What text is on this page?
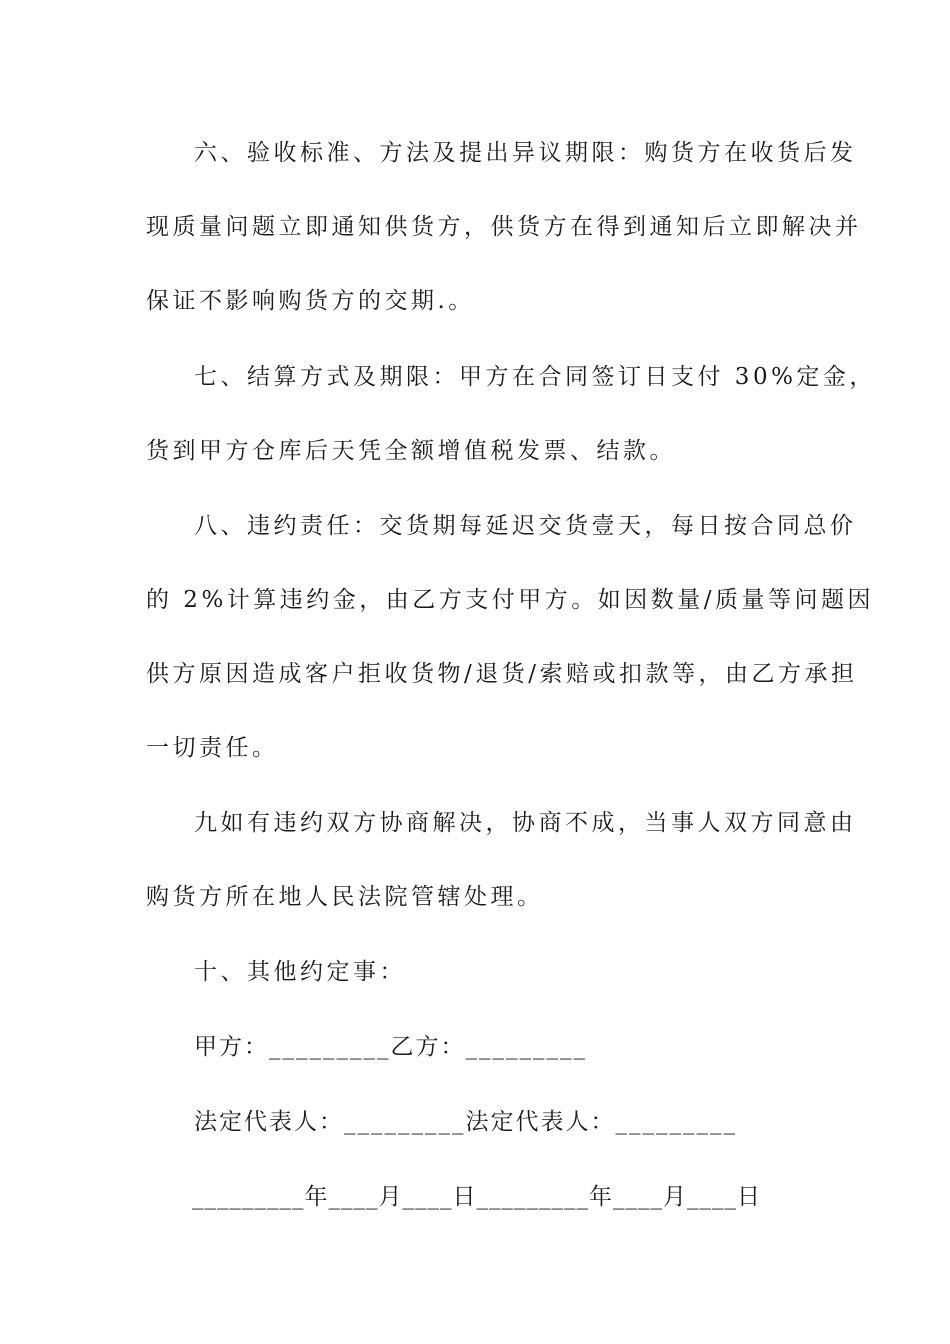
六、验收标准、方法及提出异议期限：购货方在收货后发
现质量问题立即通知供货方，供货方在得到通知后立即解决并
保证不影响购货方的交期.。
七、结算方式及期限：甲方在合同签订日支付 30%定金，
货到甲方仓库后天凭全额增值税发票、结款。
八、违约责任：交货期每延迟交货壹天，每日按合同总价
的 2%计算违约金，由乙方支付甲方。如因数量/质量等问题因
供方原因造成客户拒收货物/退货/索赔或扣款等，由乙方承担
一切责任。
九如有违约双方协商解决，协商不成，当事人双方同意由
购货方所在地人民法院管辖处理。
十、其他约定事：
甲方：_________乙方：_________
法定代表人：_________法定代表人：_________
_________年____月____日_________年____月____日
